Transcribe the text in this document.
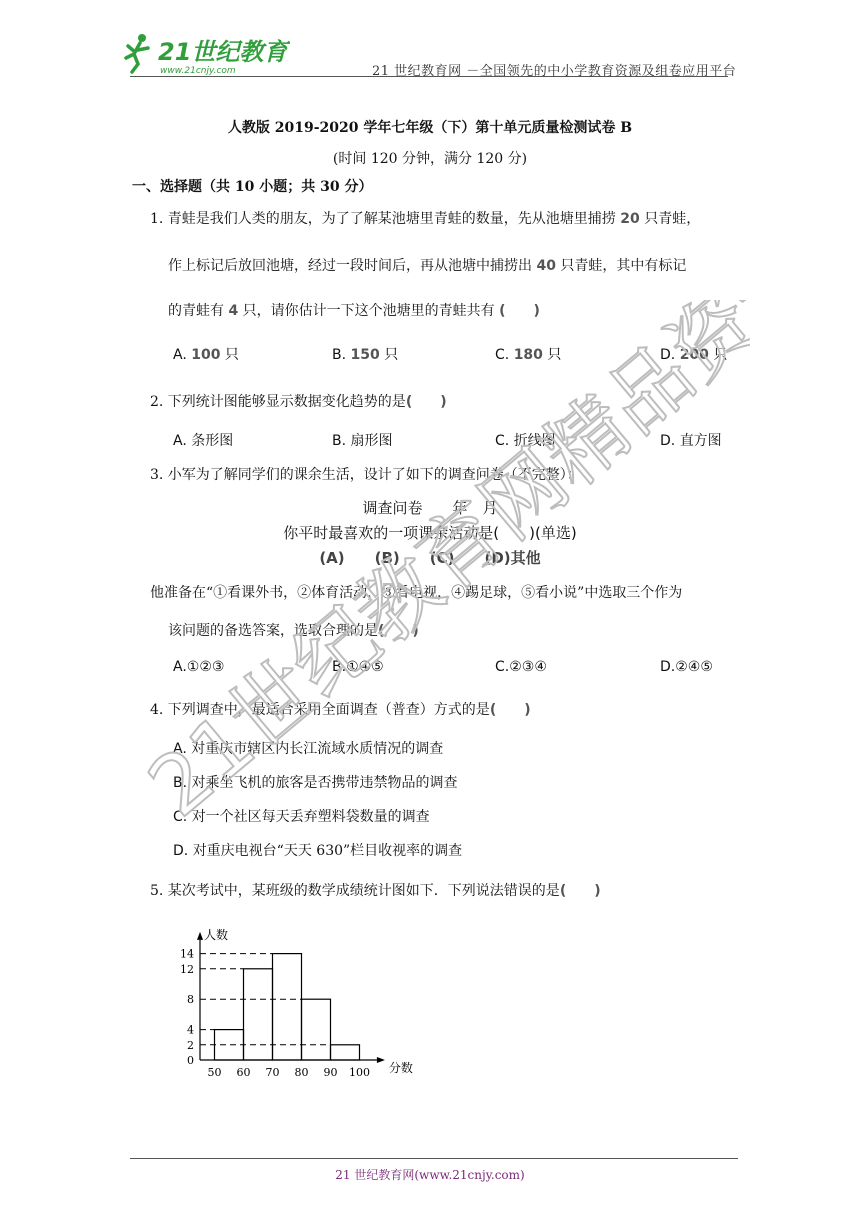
21世纪教育
www.21cnjy.com	21 世纪教育网 －全国领先的中小学教育资源及组卷应用平台
人教版 2019-2020 学年七年级（下）第十单元质量检测试卷 B
(时间 120 分钟，满分 120 分)
一、选择题（共 10 小题；共 30 分）
1. 青蛙是我们人类的朋友，为了了解某池塘里青蛙的数量，先从池塘里捕捞 20 只青蛙，
作上标记后放回池塘，经过一段时间后，再从池塘中捕捞出 40 只青蛙，其中有标记
的青蛙有 4 只，请你估计一下这个池塘里的青蛙共有 (　　)
A. 100 只	B. 150 只	C. 180 只	D. 200 只
2. 下列统计图能够显示数据变化趋势的是(　　)
A. 条形图	B. 扇形图	C. 折线图	D. 直方图
3. 小军为了解同学们的课余生活，设计了如下的调查问卷（不完整）：
调查问卷　　年　月
你平时最喜欢的一项课余活动是(　　)(单选)
(A)　　(B)　　(C)　　(D)其他
他准备在“①看课外书，②体育活动，③看电视，④踢足球，⑤看小说”中选取三个作为
该问题的备选答案，选取合理的是(　　)
A.①②③	B.①④⑤	C.②③④	D.②④⑤
4. 下列调查中，最适合采用全面调查（普查）方式的是(　　)
A. 对重庆市辖区内长江流域水质情况的调查
B. 对乘坐飞机的旅客是否携带违禁物品的调查
C. 对一个社区每天丢弃塑料袋数量的调查
D. 对重庆电视台“天天 630”栏目收视率的调查
5. 某次考试中，某班级的数学成绩统计图如下．下列说法错误的是(　　)
人数
分数
0
2
4
8
12
14
50 60 70 80 90 100
21世纪教育网精品资料
21 世纪教育网(www.21cnjy.com)
